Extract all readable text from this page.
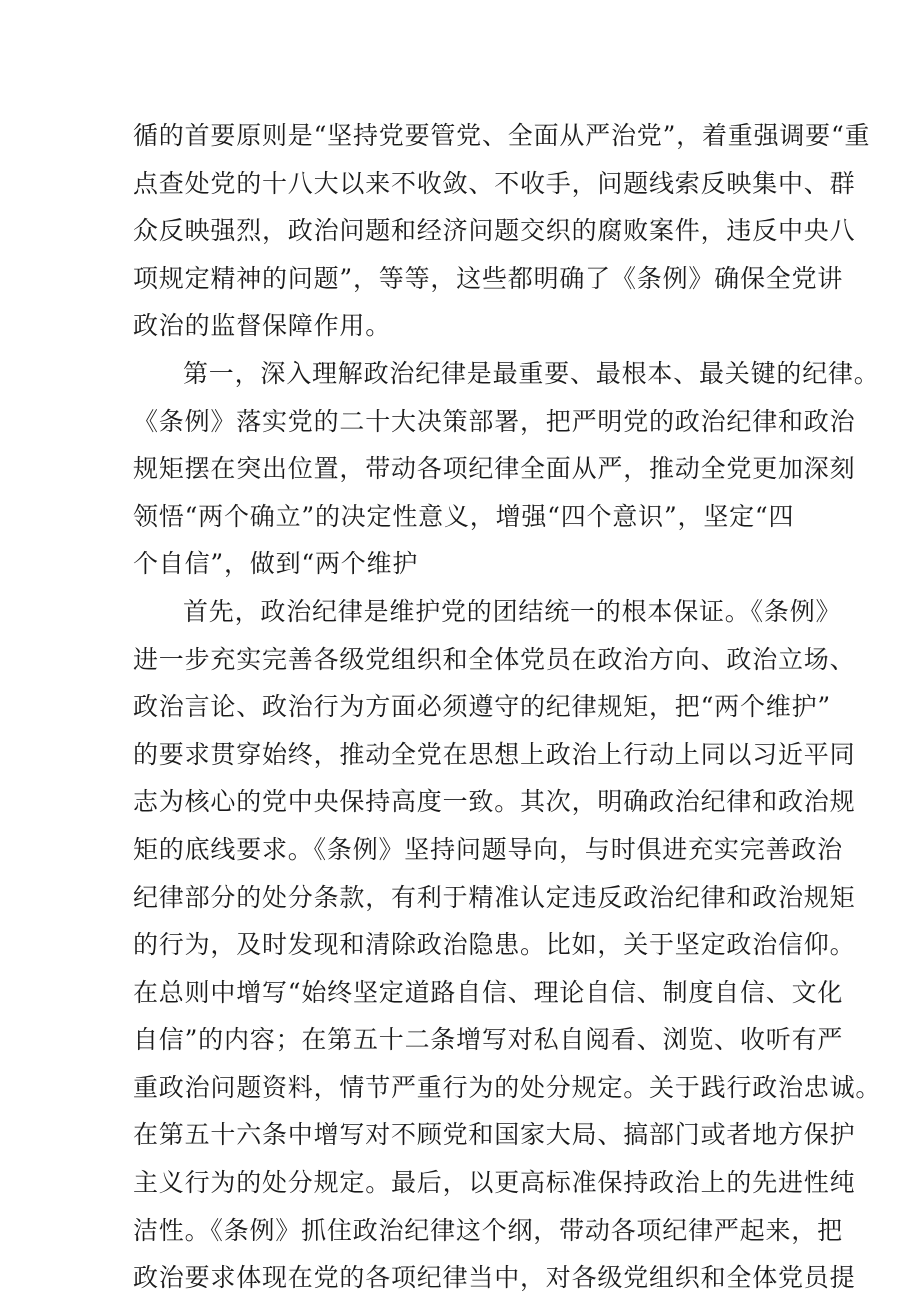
循的首要原则是“坚持党要管党、全面从严治党”，着重强调要“重
点查处党的十八大以来不收敛、不收手，问题线索反映集中、群
众反映强烈，政治问题和经济问题交织的腐败案件，违反中央八
项规定精神的问题”，等等，这些都明确了《条例》确保全党讲
政治的监督保障作用。
第一，深入理解政治纪律是最重要、最根本、最关键的纪律。
《条例》落实党的二十大决策部署，把严明党的政治纪律和政治
规矩摆在突出位置，带动各项纪律全面从严，推动全党更加深刻
领悟“两个确立”的决定性意义，增强“四个意识”，坚定“四
个自信”，做到“两个维护
首先，政治纪律是维护党的团结统一的根本保证。《条例》
进一步充实完善各级党组织和全体党员在政治方向、政治立场、
政治言论、政治行为方面必须遵守的纪律规矩，把“两个维护”
的要求贯穿始终，推动全党在思想上政治上行动上同以习近平同
志为核心的党中央保持高度一致。其次，明确政治纪律和政治规
矩的底线要求。《条例》坚持问题导向，与时俱进充实完善政治
纪律部分的处分条款，有利于精准认定违反政治纪律和政治规矩
的行为，及时发现和清除政治隐患。比如，关于坚定政治信仰。
在总则中增写“始终坚定道路自信、理论自信、制度自信、文化
自信”的内容；在第五十二条增写对私自阅看、浏览、收听有严
重政治问题资料，情节严重行为的处分规定。关于践行政治忠诚。
在第五十六条中增写对不顾党和国家大局、搞部门或者地方保护
主义行为的处分规定。最后，以更高标准保持政治上的先进性纯
洁性。《条例》抓住政治纪律这个纲，带动各项纪律严起来，把
政治要求体现在党的各项纪律当中，对各级党组织和全体党员提
